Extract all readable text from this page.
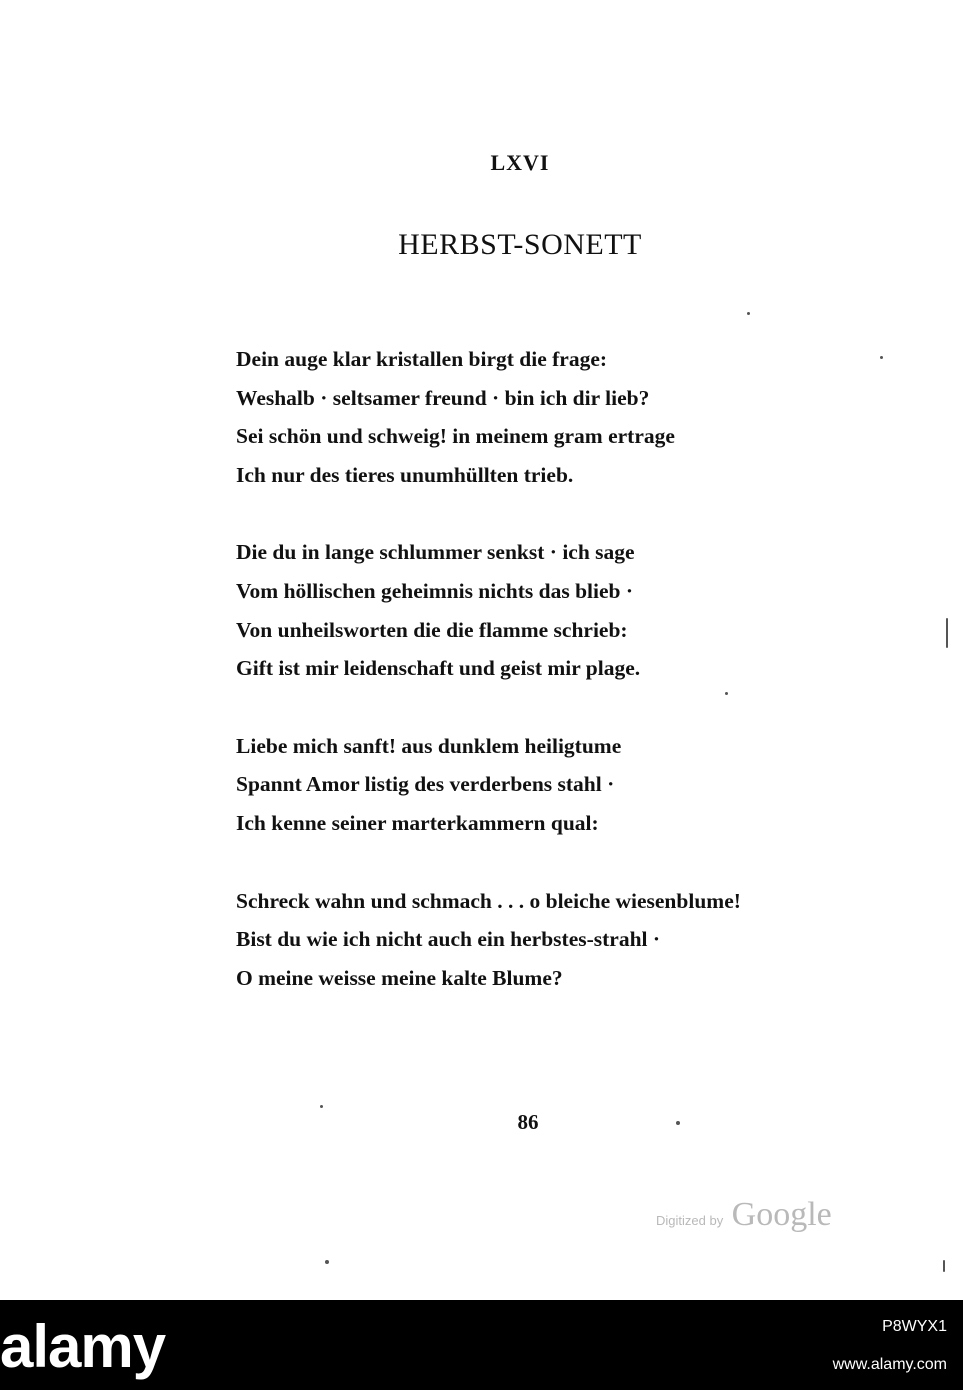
LXVI
HERBST-SONETT
Dein auge klar kristallen birgt die frage:
Weshalb · seltsamer freund · bin ich dir lieb?
Sei schön und schweig! in meinem gram ertrage
Ich nur des tieres unumhüllten trieb.
Die du in lange schlummer senkst · ich sage
Vom höllischen geheimnis nichts das blieb ·
Von unheilsworten die die flamme schrieb:
Gift ist mir leidenschaft und geist mir plage.
Liebe mich sanft! aus dunklem heiligtume
Spannt Amor listig des verderbens stahl ·
Ich kenne seiner marterkammern qual:
Schreck wahn und schmach . . . o bleiche wiesenblume!
Bist du wie ich nicht auch ein herbstes-strahl ·
O meine weisse meine kalte Blume?
86
Digitized by Google
alamy	P8WYX1
www.alamy.com
